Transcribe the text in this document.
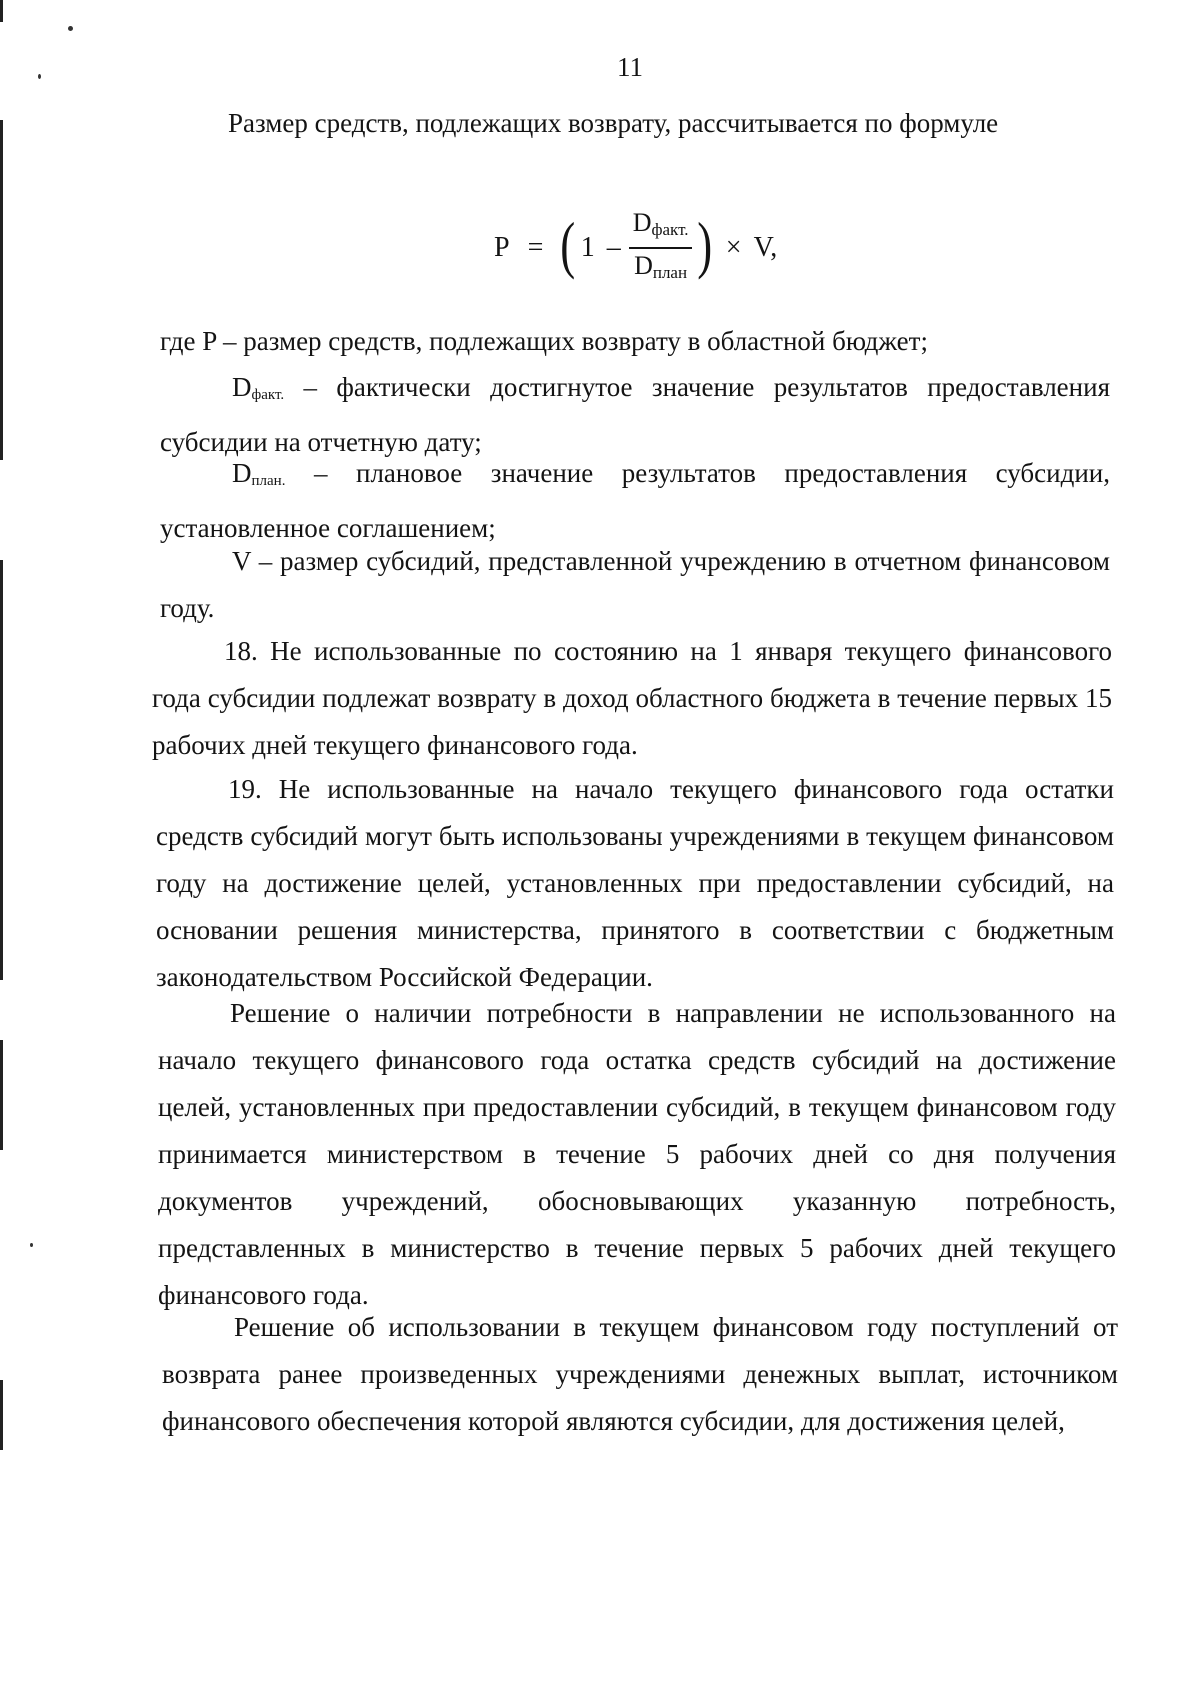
11
Размер средств, подлежащих возврату, рассчитывается по формуле
P = ( $1 - \frac{D_{факт.}}{D_{план}}$ ) × V,

где P – размер средств, подлежащих возврату в областной бюджет;

$D_{факт.}$ – фактически достигнутое значение результатов предоставления субсидии на отчетную дату;

$D_{план.}$ – плановое значение результатов предоставления субсидии, установленное соглашением;

V – размер субсидий, представленной учреждению в отчетном финансовом году.

18. Не использованные по состоянию на 1 января текущего финансового года субсидии подлежат возврату в доход областного бюджета в течение первых 15 рабочих дней текущего финансового года.

19. Не использованные на начало текущего финансового года остатки средств субсидий могут быть использованы учреждениями в текущем финансовом году на достижение целей, установленных при предоставлении субсидий, на основании решения министерства, принятого в соответствии с бюджетным законодательством Российской Федерации.

Решение о наличии потребности в направлении не использованного на начало текущего финансового года остатка средств субсидий на достижение целей, установленных при предоставлении субсидий, в текущем финансовом году принимается министерством в течение 5 рабочих дней со дня получения документов учреждений, обосновывающих указанную потребность, представленных в министерство в течение первых 5 рабочих дней текущего финансового года.

Решение об использовании в текущем финансовом году поступлений от возврата ранее произведенных учреждениями денежных выплат, источником финансового обеспечения которой являются субсидии, для достижения целей,
